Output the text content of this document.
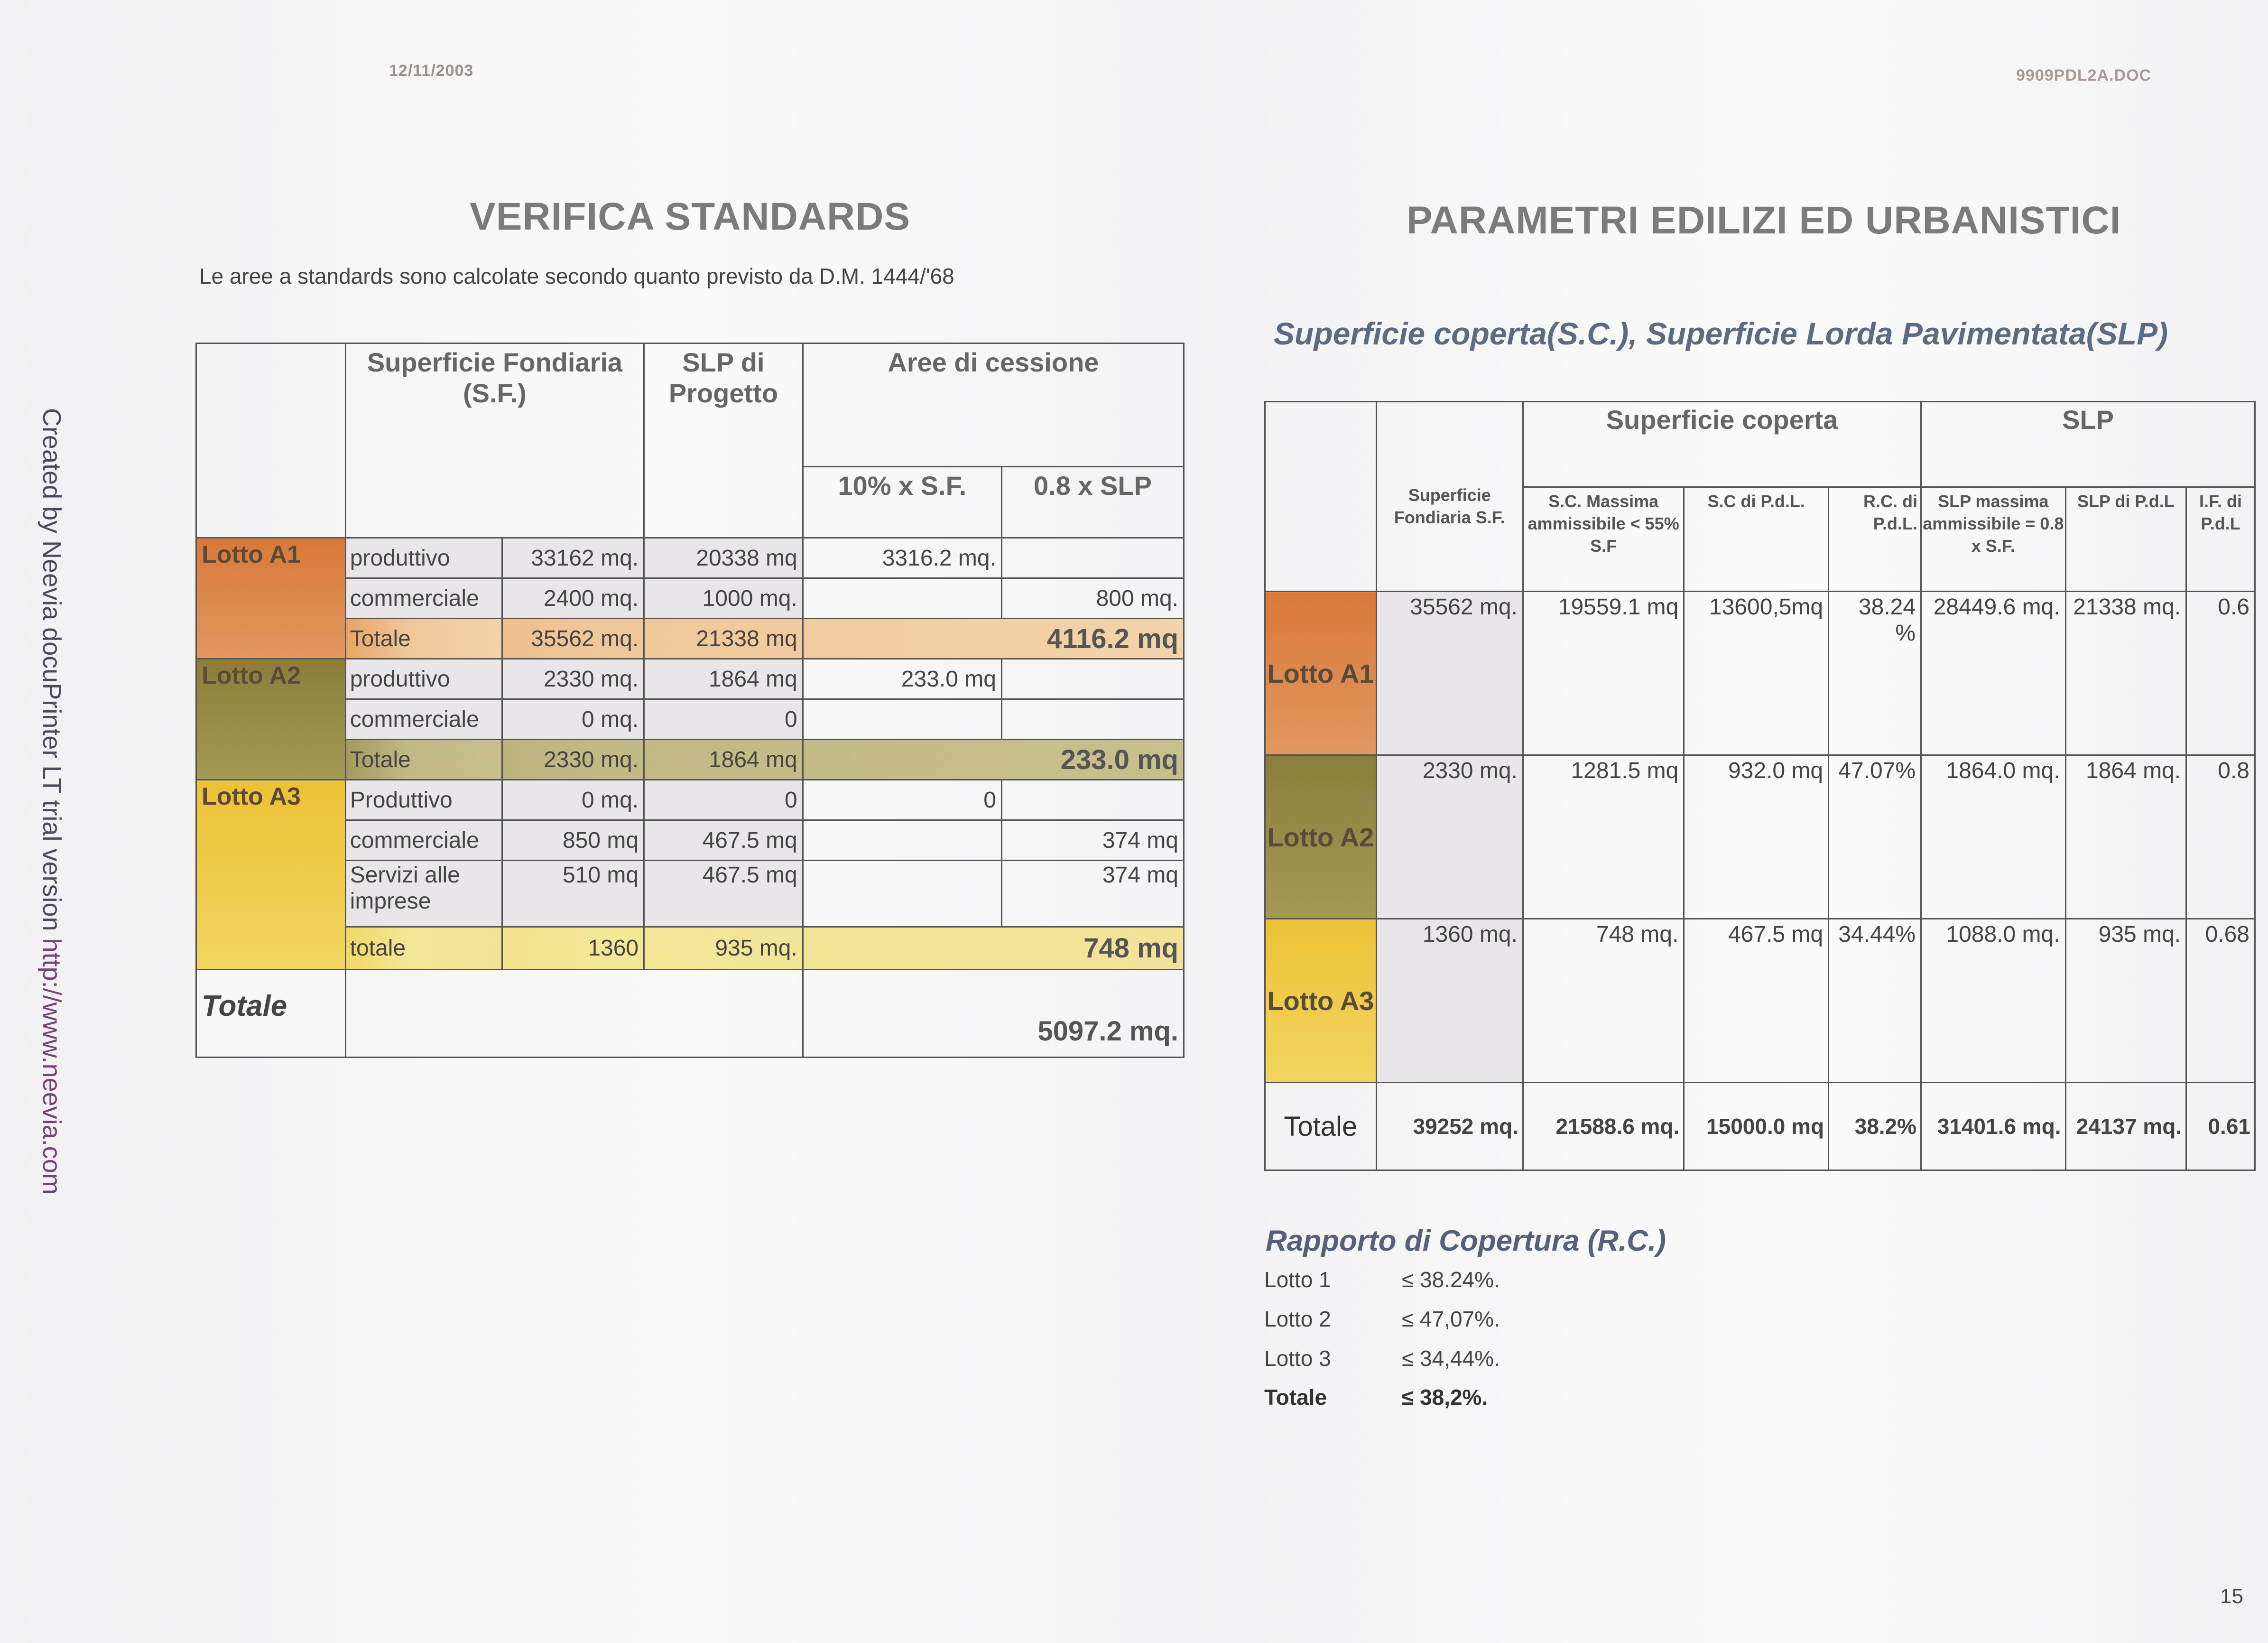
12/11/2003	9909PDL2A.DOC
Created by Neevia docuPrinter LT trial version http://www.neevia.com
VERIFICA STANDARDS
Le aree a standards sono calcolate secondo quanto previsto da D.M. 1444/'68
	Superficie Fondiaria (S.F.)		SLP di Progetto	Aree di cessione	
				10% x S.F.	0.8 x SLP
Lotto A1	produttivo	33162 mq.	20338 mq	3316.2 mq.	
	commerciale	2400 mq.	1000 mq.		800 mq.
	Totale	35562 mq.	21338 mq	4116.2 mq	
Lotto A2	produttivo	2330 mq.	1864 mq	233.0 mq	
	commerciale	0 mq.	0		
	Totale	2330 mq.	1864 mq	233.0 mq	
Lotto A3	Produttivo	0 mq.	0	0	
	commerciale	850 mq	467.5 mq		374 mq
	Servizi alle imprese	510 mq	467.5 mq		374 mq
	totale	1360	935 mq.	748 mq	
Totale				5097.2 mq.	
PARAMETRI EDILIZI ED URBANISTICI
Superficie coperta(S.C.), Superficie Lorda Pavimentata(SLP)
	Superficie Fondiaria S.F.	Superficie coperta			SLP		
		S.C. Massima ammissibile < 55% S.F	S.C di P.d.L.	R.C. di P.d.L.	SLP massima ammissibile = 0.8 x S.F.	SLP di P.d.L	I.F. di P.d.L
Lotto A1	35562 mq.	19559.1 mq	13600,5mq	38.24 %	28449.6 mq.	21338 mq.	0.6
Lotto A2	2330 mq.	1281.5 mq	932.0 mq	47.07%	1864.0 mq.	1864 mq.	0.8
Lotto A3	1360 mq.	748 mq.	467.5 mq	34.44%	1088.0 mq.	935 mq.	0.68
Totale	39252 mq.	21588.6 mq.	15000.0 mq	38.2%	31401.6 mq.	24137 mq.	0.61
Rapporto di Copertura (R.C.)
Lotto 1	≤ 38.24%.
Lotto 2	≤ 47,07%.
Lotto 3	≤ 34,44%.
Totale	≤ 38,2%.
15
